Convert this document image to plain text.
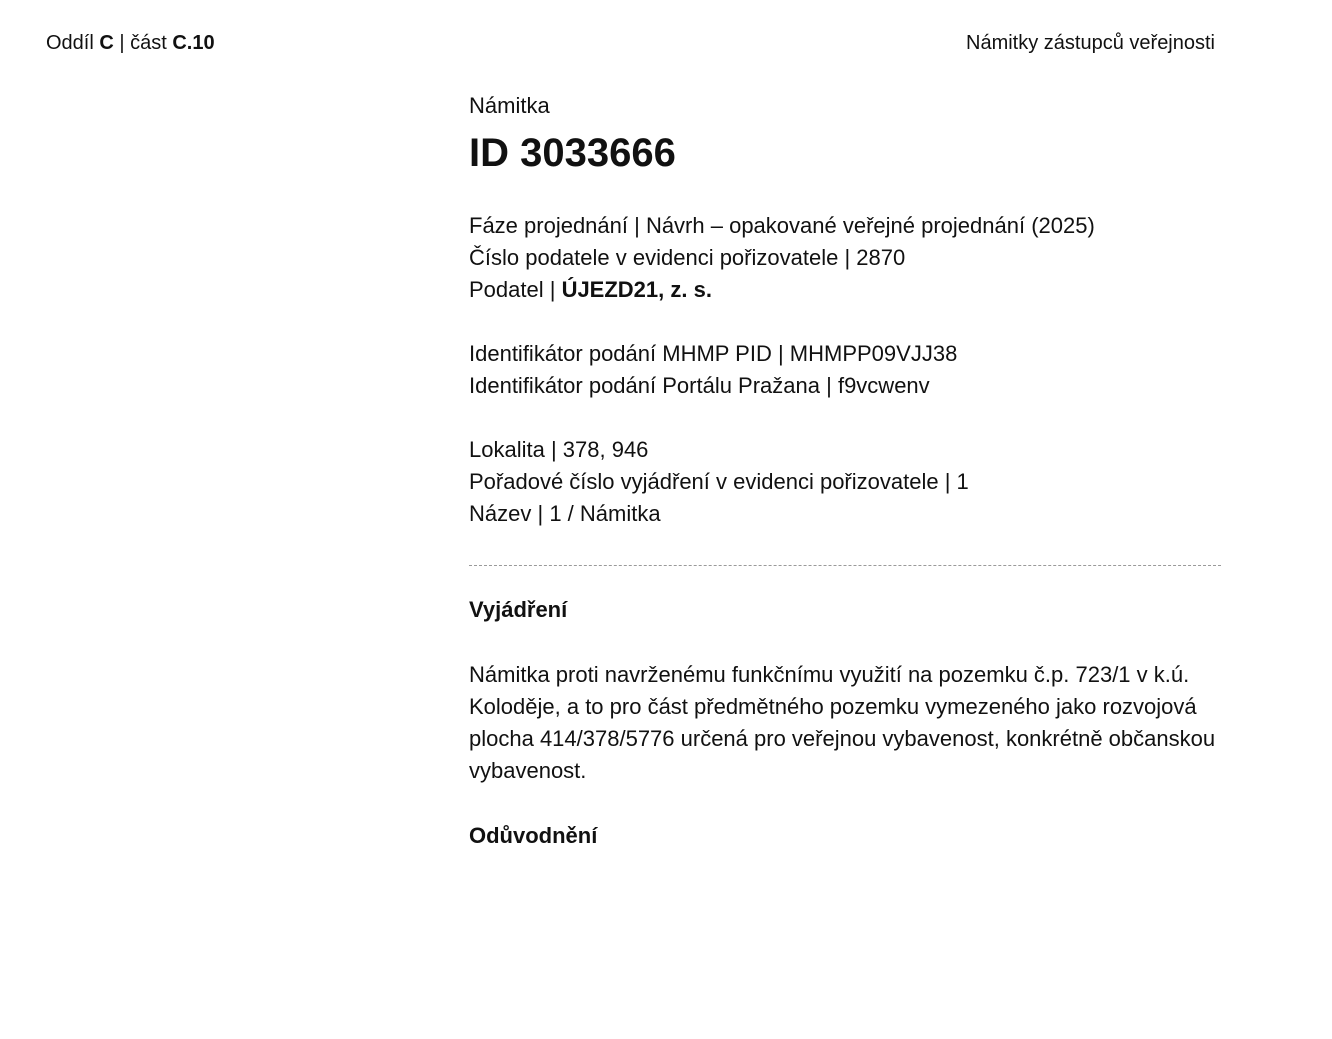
Oddíl C | část C.10	Námitky zástupců veřejnosti

Námitka

ID 3033666
Fáze projednání | Návrh – opakované veřejné projednání (2025)
Číslo podatele v evidenci pořizovatele | 2870
Podatel | ÚJEZD21, z. s.
Identifikátor podání MHMP PID | MHMPP09VJJ38
Identifikátor podání Portálu Pražana | f9vcwenv
Lokalita | 378, 946
Pořadové číslo vyjádření v evidenci pořizovatele | 1
Název | 1 / Námitka
Vyjádření

Námitka proti navrženému funkčnímu využití na pozemku č.p. 723/1 v k.ú. Koloděje, a to pro část předmětného pozemku vymezeného jako rozvojová plocha 414/378/5776 určená pro veřejnou vybavenost, konkrétně občanskou vybavenost.

Odůvodnění
